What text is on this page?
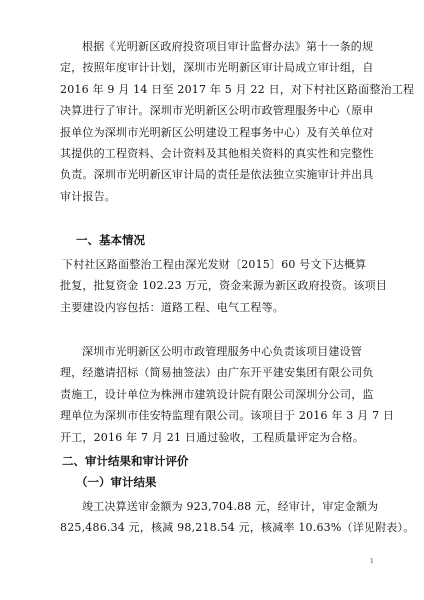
根据《光明新区政府投资项目审计监督办法》第十一条的规
定，按照年度审计计划，深圳市光明新区审计局成立审计组，自
2016 年 9 月 14 日至 2017 年 5 月 22 日，对下村社区路面整治工程
决算进行了审计。深圳市光明新区公明市政管理服务中心（原申
报单位为深圳市光明新区公明建设工程事务中心）及有关单位对
其提供的工程资料、会计资料及其他相关资料的真实性和完整性
负责。深圳市光明新区审计局的责任是依法独立实施审计并出具
审计报告。
一、基本情况
下村社区路面整治工程由深光发财〔2015〕60 号文下达概算
批复，批复资金 102.23 万元，资金来源为新区政府投资。该项目
主要建设内容包括：道路工程、电气工程等。
深圳市光明新区公明市政管理服务中心负责该项目建设管
理，经邀请招标（简易抽签法）由广东开平建安集团有限公司负
责施工，设计单位为株洲市建筑设计院有限公司深圳分公司，监
理单位为深圳市佳安特监理有限公司。该项目于 2016 年 3 月 7 日
开工，2016 年 7 月 21 日通过验收，工程质量评定为合格。
二、审计结果和审计评价
（一）审计结果
竣工决算送审金额为 923,704.88 元，经审计，审定金额为
825,486.34 元，核减 98,218.54 元，核减率 10.63%（详见附表）。
1
